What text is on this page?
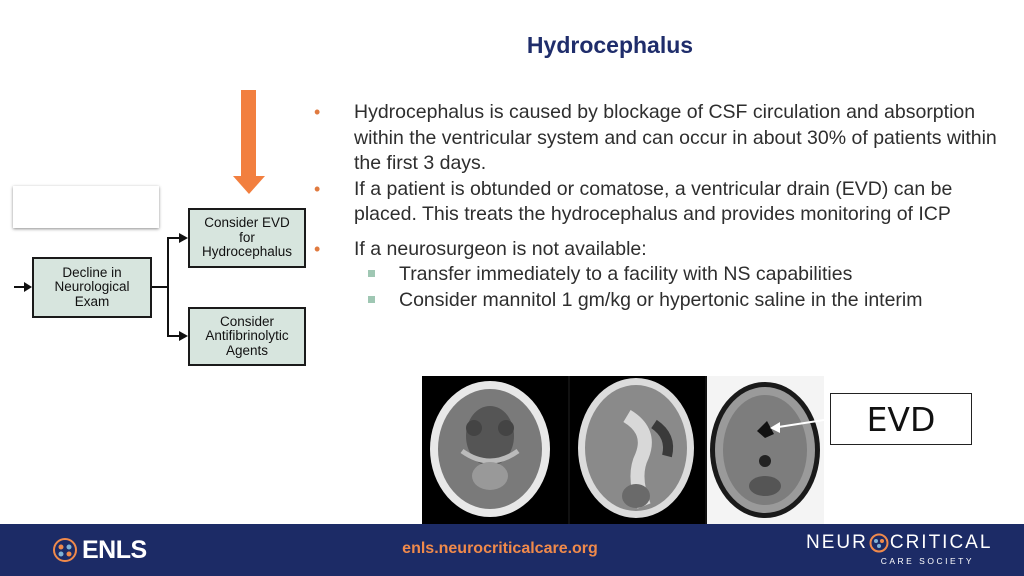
Hydrocephalus
• Hydrocephalus is caused by blockage of CSF circulation and absorption within the ventricular system and can occur in about 30% of patients within the first 3 days.
• If a patient is obtunded or comatose, a ventricular drain (EVD) can be placed. This treats the hydrocephalus and provides monitoring of ICP
• If a neurosurgeon is not available:
Transfer immediately to a facility with NS capabilities
Consider mannitol 1 gm/kg or hypertonic saline in the interim
Decline in
Neurological
Exam
Consider EVD
for
Hydrocephalus
Consider
Antifibrinolytic
Agents
EVD
ENLS	enls.neurocriticalcare.org	NEUR CRITICAL
CARE SOCIETY
